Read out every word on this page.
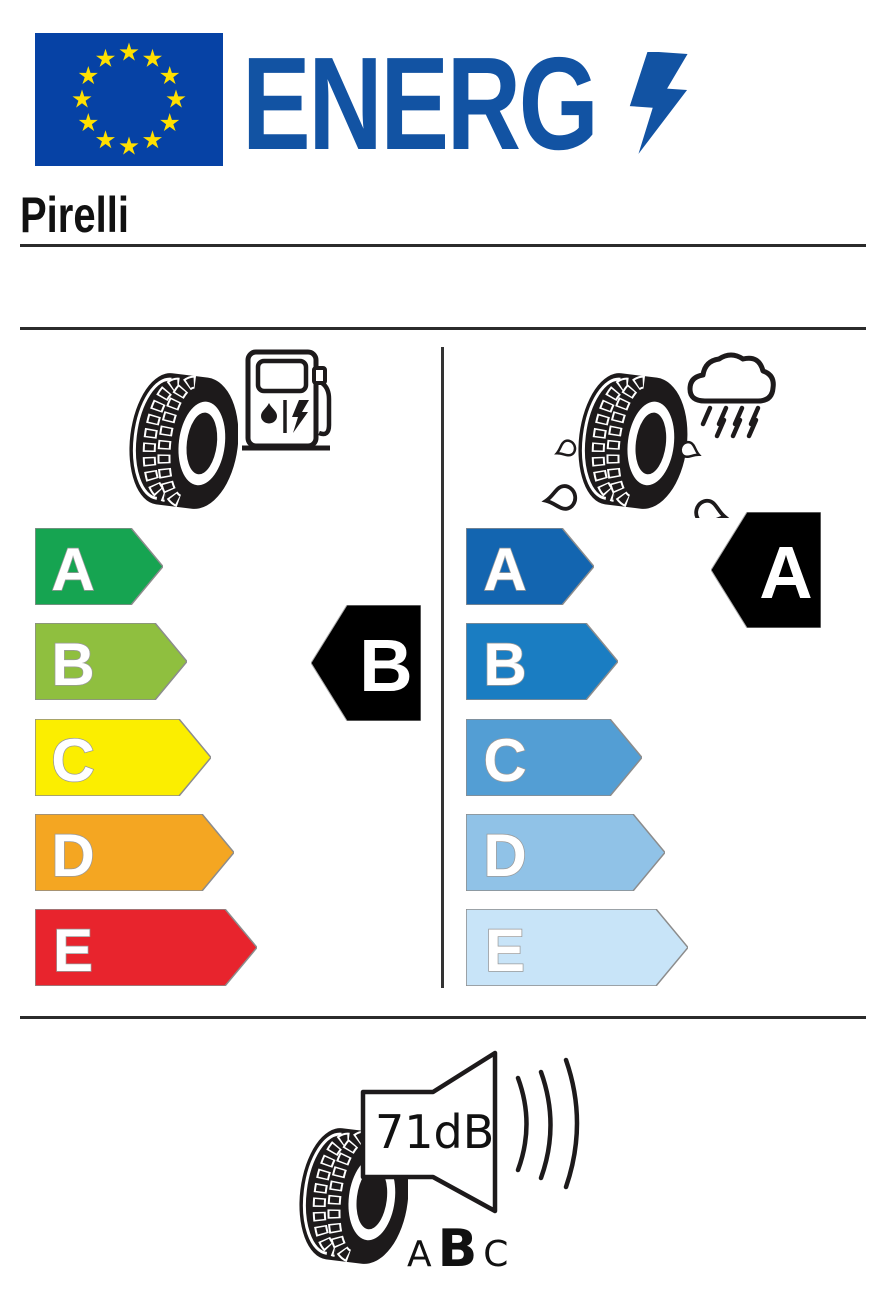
ENERG
Pirelli
A
B
C
D
E
B
A
B
C
D
E
A
71dB
A B C
